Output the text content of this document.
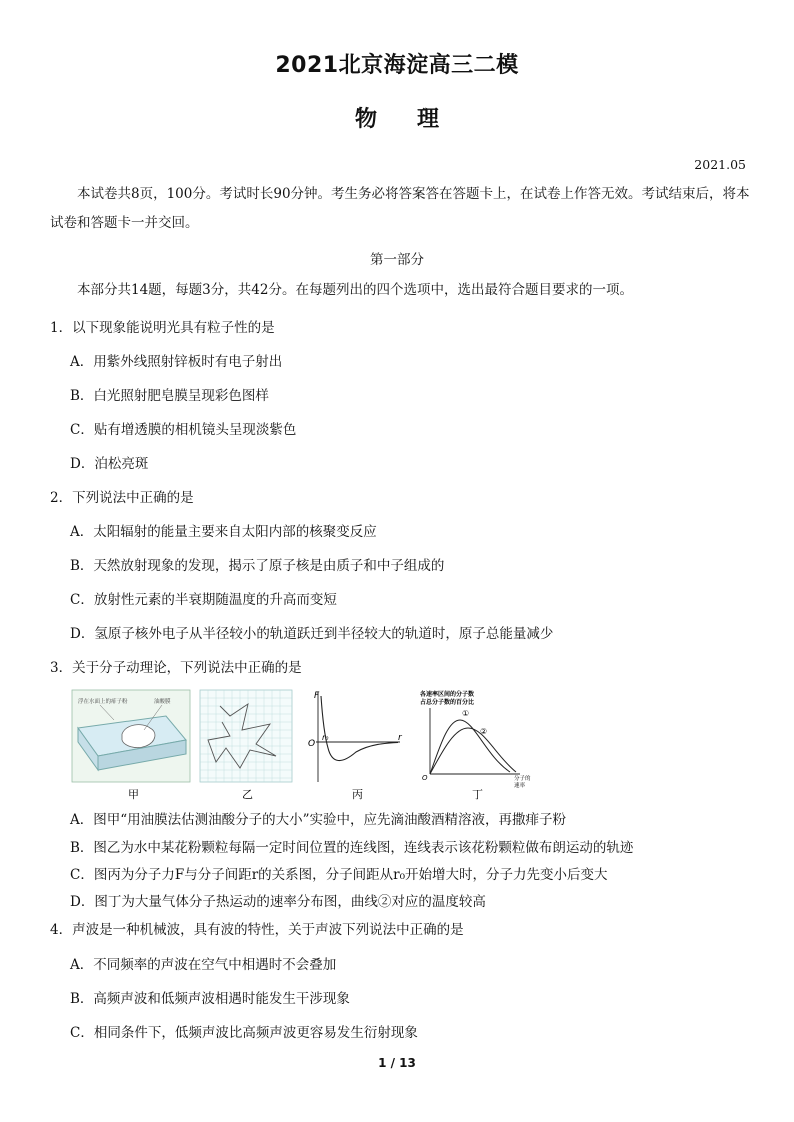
2021北京海淀高三二模
物 理
2021.05
本试卷共8页，100分。考试时长90分钟。考生务必将答案答在答题卡上，在试卷上作答无效。考试结束后，将本试卷和答题卡一并交回。
第一部分
本部分共14题，每题3分，共42分。在每题列出的四个选项中，选出最符合题目要求的一项。
1．以下现象能说明光具有粒子性的是
A．用紫外线照射锌板时有电子射出
B．白光照射肥皂膜呈现彩色图样
C．贴有增透膜的相机镜头呈现淡紫色
D．泊松亮斑
2．下列说法中正确的是
A．太阳辐射的能量主要来自太阳内部的核聚变反应
B．天然放射现象的发现，揭示了原子核是由质子和中子组成的
C．放射性元素的半衰期随温度的升高而变短
D．氢原子核外电子从半径较小的轨道跃迁到半径较大的轨道时，原子总能量减少
3．关于分子动理论，下列说法中正确的是
浮在水面上的痱子粉	油酸膜
F
O
r₀	r
各速率区间的分子数
占总分子数的百分比
①
②
O	分子的
速率
甲	乙	丙	丁
A．图甲“用油膜法估测油酸分子的大小”实验中，应先滴油酸酒精溶液，再撒痱子粉
B．图乙为水中某花粉颗粒每隔一定时间位置的连线图，连线表示该花粉颗粒做布朗运动的轨迹
C．图丙为分子力F与分子间距r的关系图，分子间距从r₀开始增大时，分子力先变小后变大
D．图丁为大量气体分子热运动的速率分布图，曲线②对应的温度较高
4．声波是一种机械波，具有波的特性，关于声波下列说法中正确的是
A．不同频率的声波在空气中相遇时不会叠加
B．高频声波和低频声波相遇时能发生干涉现象
C．相同条件下，低频声波比高频声波更容易发生衍射现象
1 / 13
